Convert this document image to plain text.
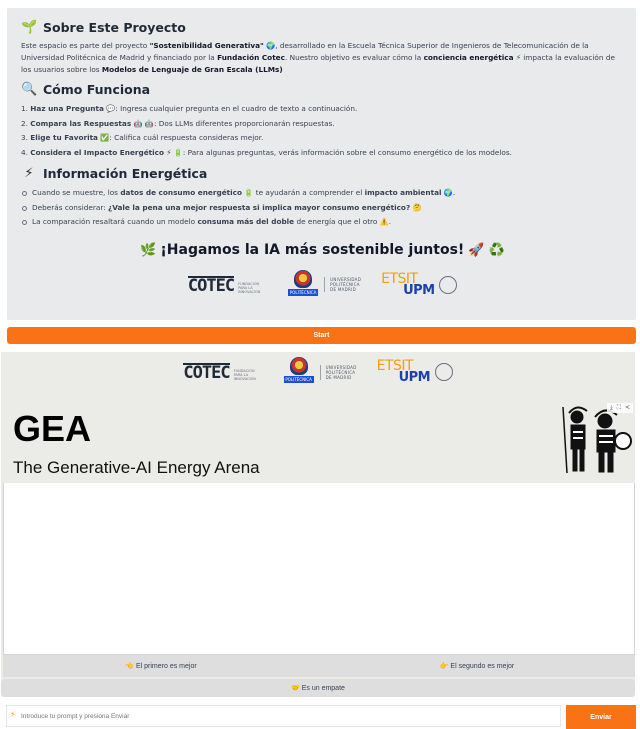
🌱 Sobre Este Proyecto

Este espacio es parte del proyecto "Sostenibilidad Generativa" 🌍, desarrollado en la Escuela Técnica Superior de Ingenieros de Telecomunicación de la Universidad Politécnica de Madrid y financiado por la Fundación Cotec. Nuestro objetivo es evaluar cómo la conciencia energética ⚡ impacta la evaluación de los usuarios sobre los Modelos de Lenguaje de Gran Escala (LLMs)

🔍 Cómo Funciona
1. Haz una Pregunta 💬: Ingresa cualquier pregunta en el cuadro de texto a continuación.
2. Compara las Respuestas 🤖 🤖: Dos LLMs diferentes proporcionarán respuestas.
3. Elige tu Favorita ✅: Califica cuál respuesta consideras mejor.
4. Considera el Impacto Energético ⚡ 🔋: Para algunas preguntas, verás información sobre el consumo energético de los modelos.
⚡ Información Energética
Cuando se muestre, los datos de consumo energético 🔋 te ayudarán a comprender el impacto ambiental 🌍.
Deberás considerar: ¿Vale la pena una mejor respuesta si implica mayor consumo energético? 🤔
La comparación resaltará cuando un modelo consuma más del doble de energía que el otro ⚠️.
🌿 ¡Hagamos la IA más sostenible juntos! 🚀 ♻️
COTEC FUNDACIÓN PARA LA INNOVACIÓN	POLITÉCNICA
UNIVERSIDAD
POLITÉCNICA
DE MADRID
ETSIT
UPM
Start
COTEC FUNDACIÓN PARA LA INNOVACIÓN	POLITÉCNICA
UNIVERSIDAD
POLITÉCNICA
DE MADRID
ETSIT
UPM
GEA
The Generative-AI Energy Arena
⤓ ⛶ <
👈 El primero es mejor	👉 El segundo es mejor
🤝 Es un empate
Introduce tu prompt y presiona Enviar
⚡	Enviar
